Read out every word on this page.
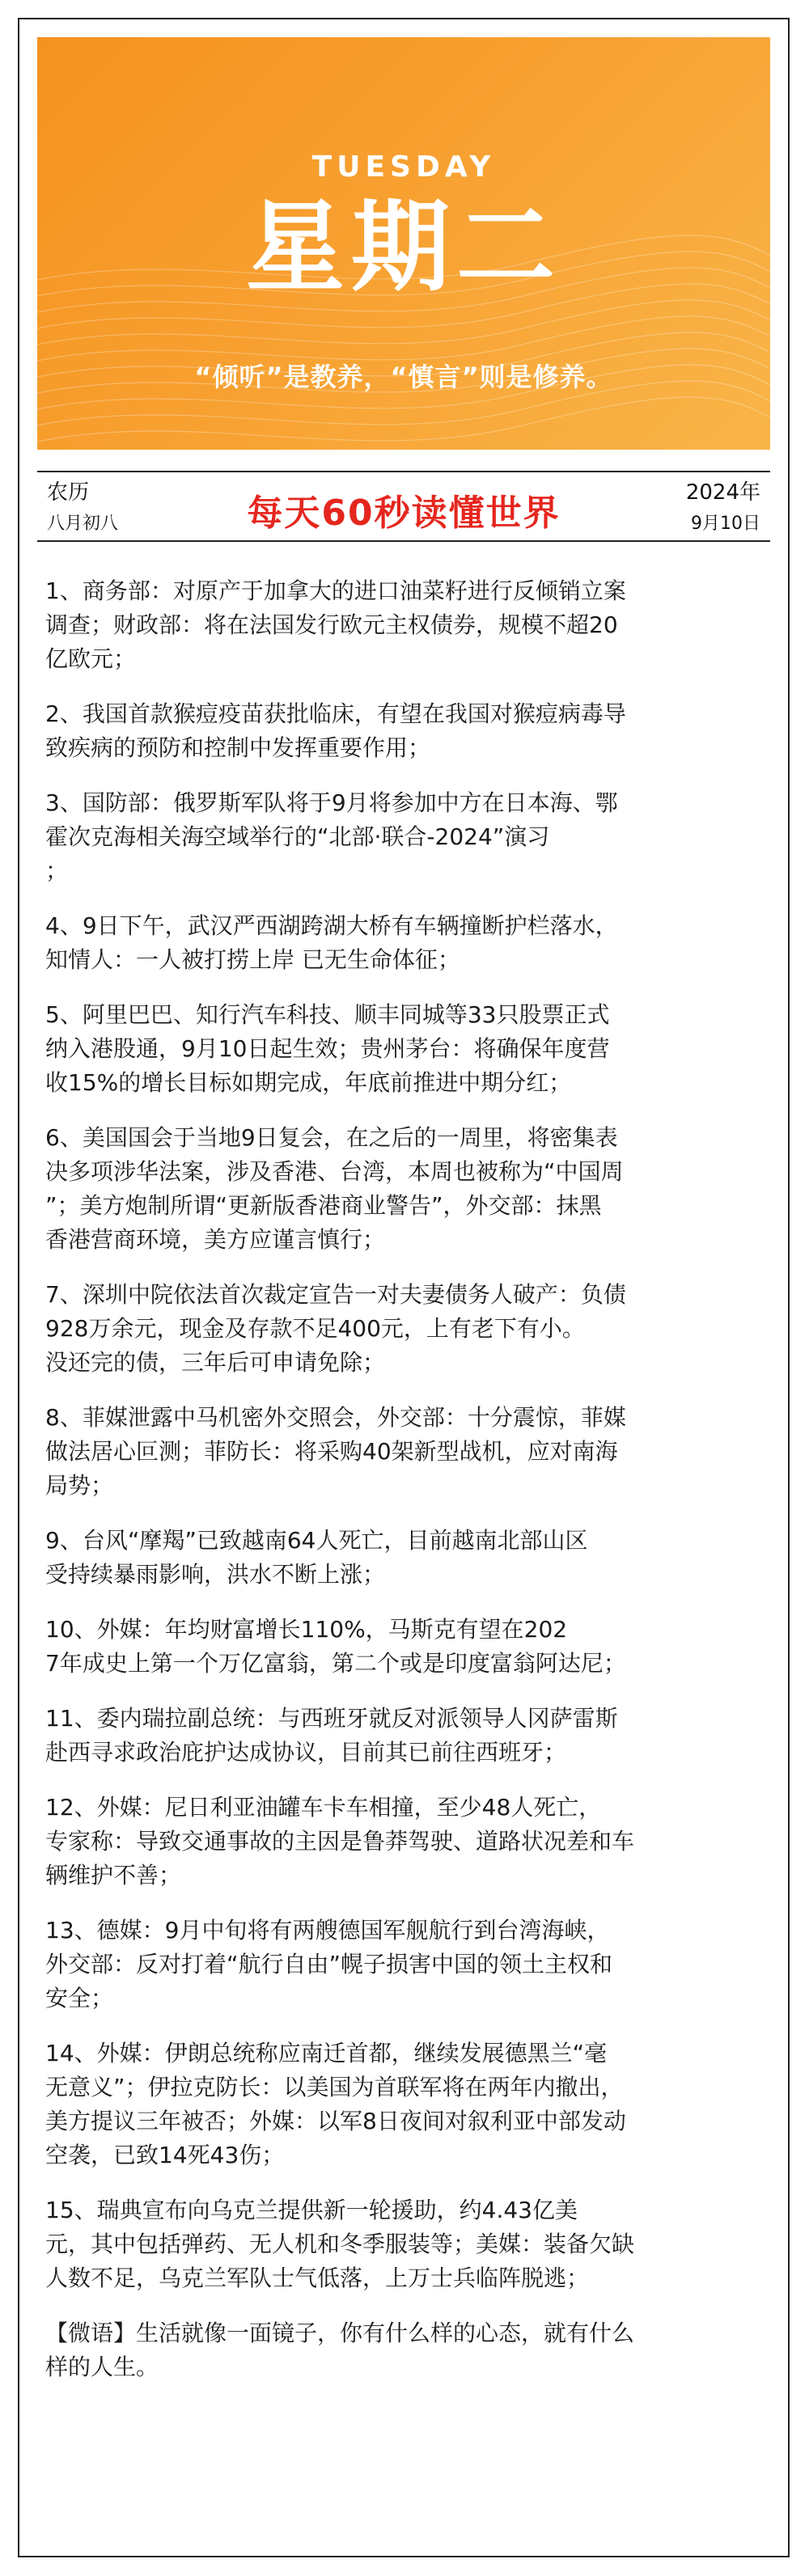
TUESDAY
星期二
“倾听”是教养，“慎言”则是修养。
农历
八月初八	每天60秒读懂世界	2024年
9月10日

1、商务部：对原产于加拿大的进口油菜籽进行反倾销立案
调查；财政部：将在法国发行欧元主权债券，规模不超20
亿欧元；

2、我国首款猴痘疫苗获批临床，有望在我国对猴痘病毒导
致疾病的预防和控制中发挥重要作用；

3、国防部：俄罗斯军队将于9月将参加中方在日本海、鄂
霍次克海相关海空域举行的“北部·联合-2024”演习
；

4、9日下午，武汉严西湖跨湖大桥有车辆撞断护栏落水，
知情人：一人被打捞上岸 已无生命体征；

5、阿里巴巴、知行汽车科技、顺丰同城等33只股票正式
纳入港股通，9月10日起生效；贵州茅台：将确保年度营
收15%的增长目标如期完成，年底前推进中期分红；

6、美国国会于当地9日复会，在之后的一周里，将密集表
决多项涉华法案，涉及香港、台湾，本周也被称为“中国周
”；美方炮制所谓“更新版香港商业警告”，外交部：抹黑
香港营商环境，美方应谨言慎行；

7、深圳中院依法首次裁定宣告一对夫妻债务人破产：负债
928万余元，现金及存款不足400元，上有老下有小。
没还完的债，三年后可申请免除；

8、菲媒泄露中马机密外交照会，外交部：十分震惊，菲媒
做法居心叵测；菲防长：将采购40架新型战机，应对南海
局势；

9、台风“摩羯”已致越南64人死亡，目前越南北部山区
受持续暴雨影响，洪水不断上涨；

10、外媒：年均财富增长110%，马斯克有望在202
7年成史上第一个万亿富翁，第二个或是印度富翁阿达尼；

11、委内瑞拉副总统：与西班牙就反对派领导人冈萨雷斯
赴西寻求政治庇护达成协议，目前其已前往西班牙；

12、外媒：尼日利亚油罐车卡车相撞，至少48人死亡，
专家称：导致交通事故的主因是鲁莽驾驶、道路状况差和车
辆维护不善；

13、德媒：9月中旬将有两艘德国军舰航行到台湾海峡，
外交部：反对打着“航行自由”幌子损害中国的领土主权和
安全；

14、外媒：伊朗总统称应南迁首都，继续发展德黑兰“毫
无意义”；伊拉克防长：以美国为首联军将在两年内撤出，
美方提议三年被否；外媒：以军8日夜间对叙利亚中部发动
空袭，已致14死43伤；

15、瑞典宣布向乌克兰提供新一轮援助，约4.43亿美
元，其中包括弹药、无人机和冬季服装等；美媒：装备欠缺
人数不足，乌克兰军队士气低落，上万士兵临阵脱逃；

【微语】生活就像一面镜子，你有什么样的心态，就有什么
样的人生。
